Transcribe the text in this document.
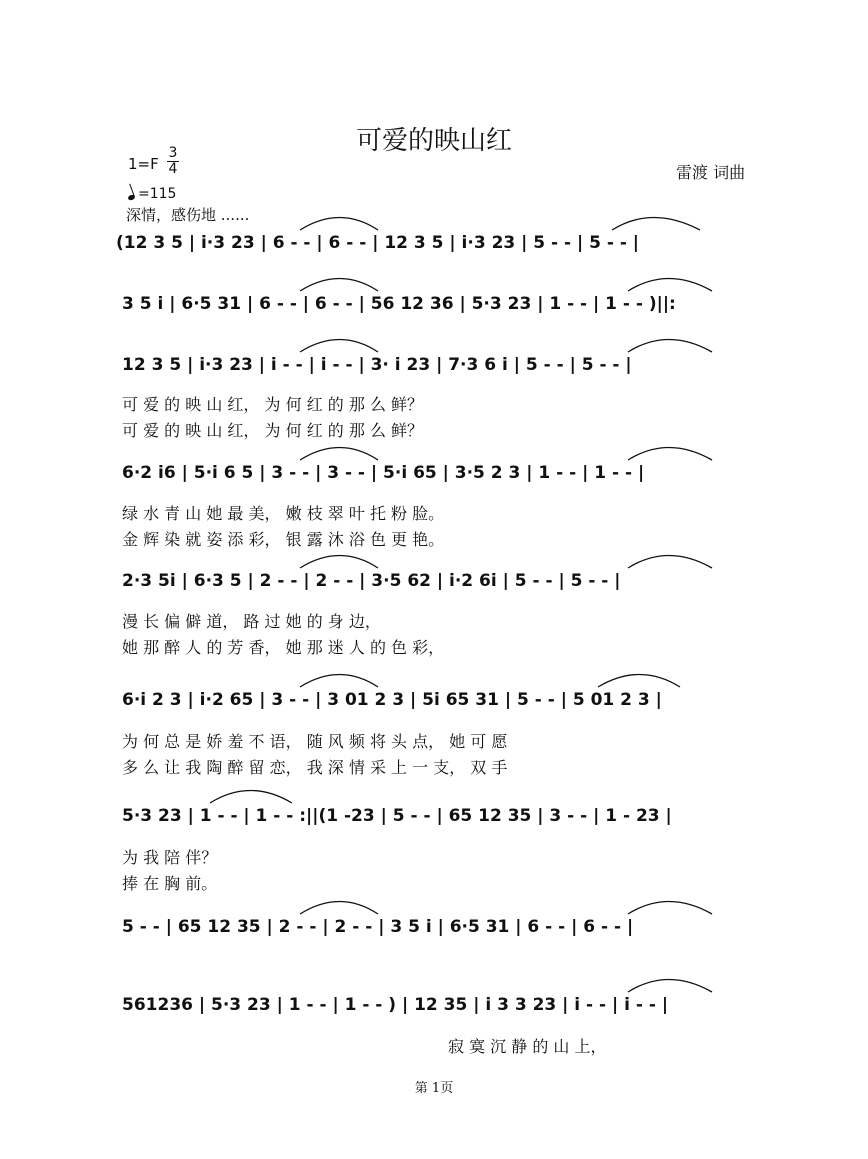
可爱的映山红
1=F
3
4
=115
深情，感伤地 ......
雷渡 词曲
(12 3 5 | i·3 23 | 6 - - | 6 - - | 12 3 5 | i·3 23 | 5 - - | 5 - - |
3 5 i | 6·5 31 | 6 - - | 6 - - | 56 12 36 | 5·3 23 | 1 - - | 1 - - )||:
12 3 5 | i·3 23 | i - - | i - - | 3· i 23 | 7·3 6 i | 5 - - | 5 - - |
可 爱 的 映 山 红， 为 何 红 的 那 么 鲜？
可 爱 的 映 山 红， 为 何 红 的 那 么 鲜？
6·2 i6 | 5·i 6 5 | 3 - - | 3 - - | 5·i 65 | 3·5 2 3 | 1 - - | 1 - - |
绿 水 青 山 她 最 美， 嫩 枝 翠 叶 托 粉 脸。
金 辉 染 就 姿 添 彩， 银 露 沐 浴 色 更 艳。
2·3 5i | 6·3 5 | 2 - - | 2 - - | 3·5 62 | i·2 6i | 5 - - | 5 - - |
漫 长 偏 僻 道， 路 过 她 的 身 边，
她 那 醉 人 的 芳 香， 她 那 迷 人 的 色 彩，
6·i 2 3 | i·2 65 | 3 - - | 3 01 2 3 | 5i 65 31 | 5 - - | 5 01 2 3 |
为 何 总 是 娇 羞 不 语， 随 风 频 将 头 点， 她 可 愿
多 么 让 我 陶 醉 留 恋， 我 深 情 采 上 一 支， 双 手
5·3 23 | 1 - - | 1 - - :||(1 -23 | 5 - - | 65 12 35 | 3 - - | 1 - 23 |
为 我 陪 伴？
捧 在 胸 前。
5 - - | 65 12 35 | 2 - - | 2 - - | 3 5 i | 6·5 31 | 6 - - | 6 - - |
561236 | 5·3 23 | 1 - - | 1 - - ) | 12 35 | i 3 3 23 | i - - | i - - |
寂 寞 沉 静 的 山 上，
第 1页
